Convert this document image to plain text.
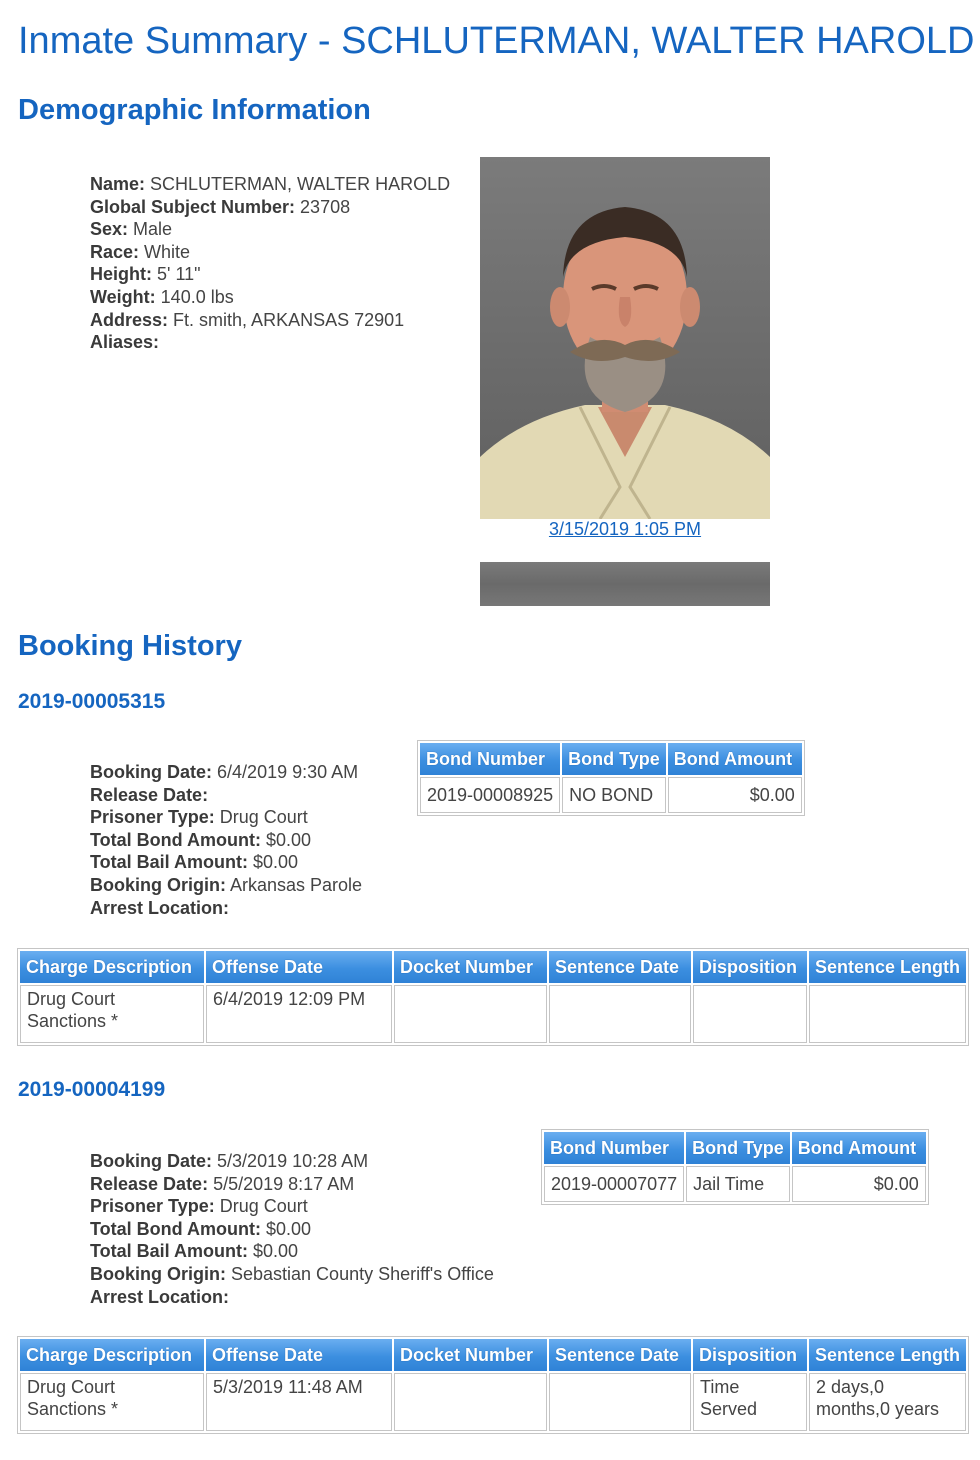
Inmate Summary - SCHLUTERMAN, WALTER HAROLD
Demographic Information
Name: SCHLUTERMAN, WALTER HAROLD
Global Subject Number: 23708
Sex: Male
Race: White
Height: 5' 11"
Weight: 140.0 lbs
Address: Ft. smith, ARKANSAS 72901
Aliases:
3/15/2019 1:05 PM
Booking History
2019-00005315
Booking Date: 6/4/2019 9:30 AM
Release Date:
Prisoner Type: Drug Court
Total Bond Amount: $0.00
Total Bail Amount: $0.00
Booking Origin: Arkansas Parole
Arrest Location:
Bond Number	Bond Type	Bond Amount
2019-00008925	NO BOND	$0.00
Charge Description	Offense Date	Docket Number	Sentence Date	Disposition	Sentence Length
Drug Court Sanctions *	6/4/2019 12:09 PM				
2019-00004199
Booking Date: 5/3/2019 10:28 AM
Release Date: 5/5/2019 8:17 AM
Prisoner Type: Drug Court
Total Bond Amount: $0.00
Total Bail Amount: $0.00
Booking Origin: Sebastian County Sheriff's Office
Arrest Location:
Bond Number	Bond Type	Bond Amount
2019-00007077	Jail Time	$0.00
Charge Description	Offense Date	Docket Number	Sentence Date	Disposition	Sentence Length
Drug Court Sanctions *	5/3/2019 11:48 AM			Time Served	2 days,0 months,0 years
